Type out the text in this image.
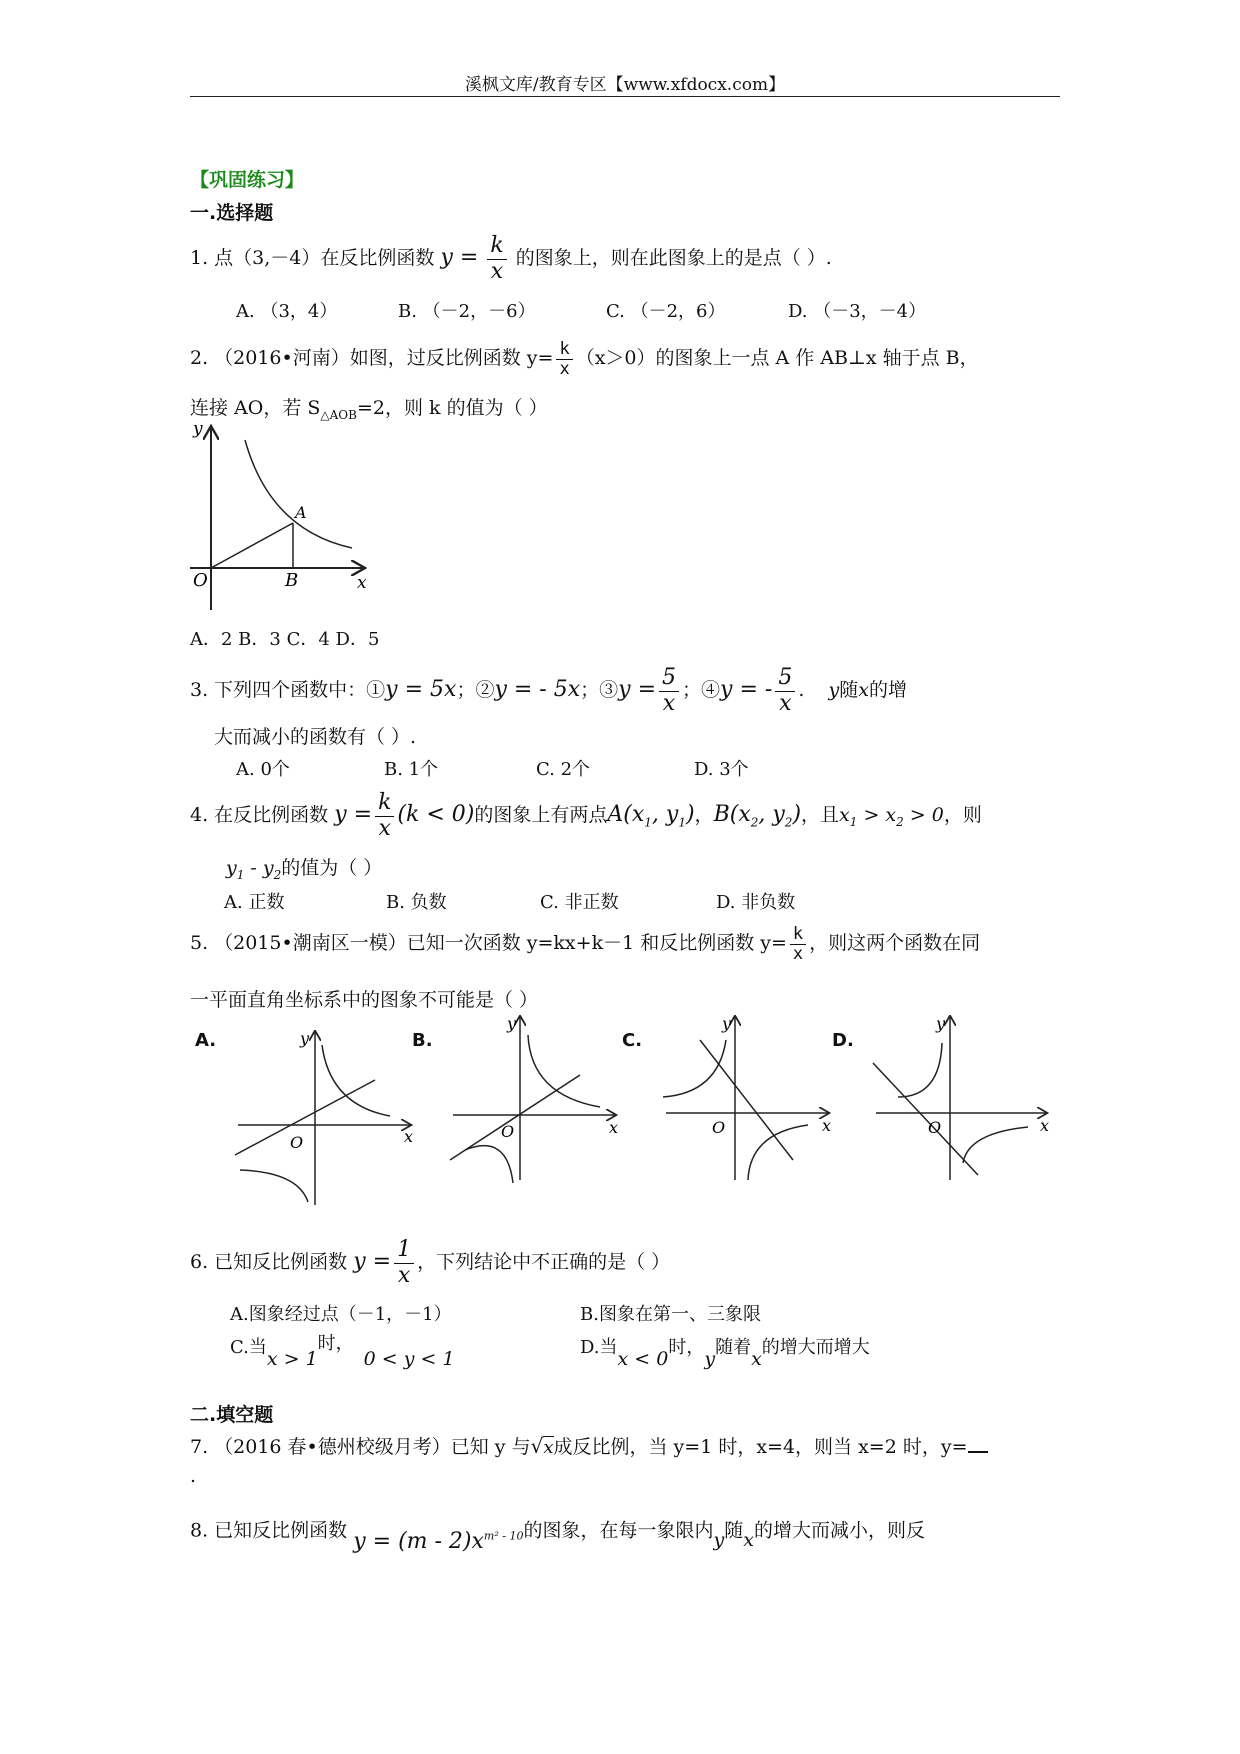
溪枫文库/教育专区【www.xfdocx.com】
【巩固练习】
一.选择题
1. 点（3,－4）在反比例函数 $y = \frac{k}{x}$ 的图象上，则在此图象上的是点（ ）.
A. （3，4）	B. （－2，－6）	C. （－2，6）	D. （－3，－4）
2. （2016•河南）如图，过反比例函数 $y= \frac{k}{x} (x>0)$的图象上一点 A 作 AB⊥x 轴于点 B，
连接 AO，若 $S_{\triangle AOB}=2$，则 k 的值为（ ）
y
O	B
A
x
A．2 B．3 C．4 D．5
3. 下列四个函数中：①y = 5x；②y = - 5x；③y = $\frac{5}{x}$ ；④y = - $\frac{5}{x}$ . y随x的增
大而减小的函数有（ ）.
A. 0个	B. 1个	C. 2个	D. 3个
4. 在反比例函数 $y = \frac{k}{x} (k < 0)$的图象上有两点$A(x_1$, $y_1$)，$B(x_2$, $y_2$)，且$x_1 > x_2 > 0$，则
$y_1 - y_2$的值为（ ）
A. 正数	B. 负数	C. 非正数	D. 非负数
5. （2015•潮南区一模）已知一次函数 y=kx+k－1 和反比例函数 $y= \frac{k}{x}$ ，则这两个函数在同
一平面直角坐标系中的图象不可能是（ ）
A.	y
x
O
B.
y
x
O
C.
y
x
O
D.
y
x
O
6. 已知反比例函数 $y = \frac{1}{x}$ ，下列结论中不正确的是（ ）
A.图象经过点（－1，－1）	B.图象在第一、三象限
C.当x > 1时，0 < y < 1
D.当x < 0时，y随着x的增大而增大
二.填空题
7. （2016 春•德州校级月考）已知 y 与√x成反比例，当 y=1 时，x=4，则当 x=2 时，y=
.
8. 已知反比例函数 $y = (m - 2)x^{m^2 - 10}$的图象，在每一象限内y随x的增大而减小，则反
